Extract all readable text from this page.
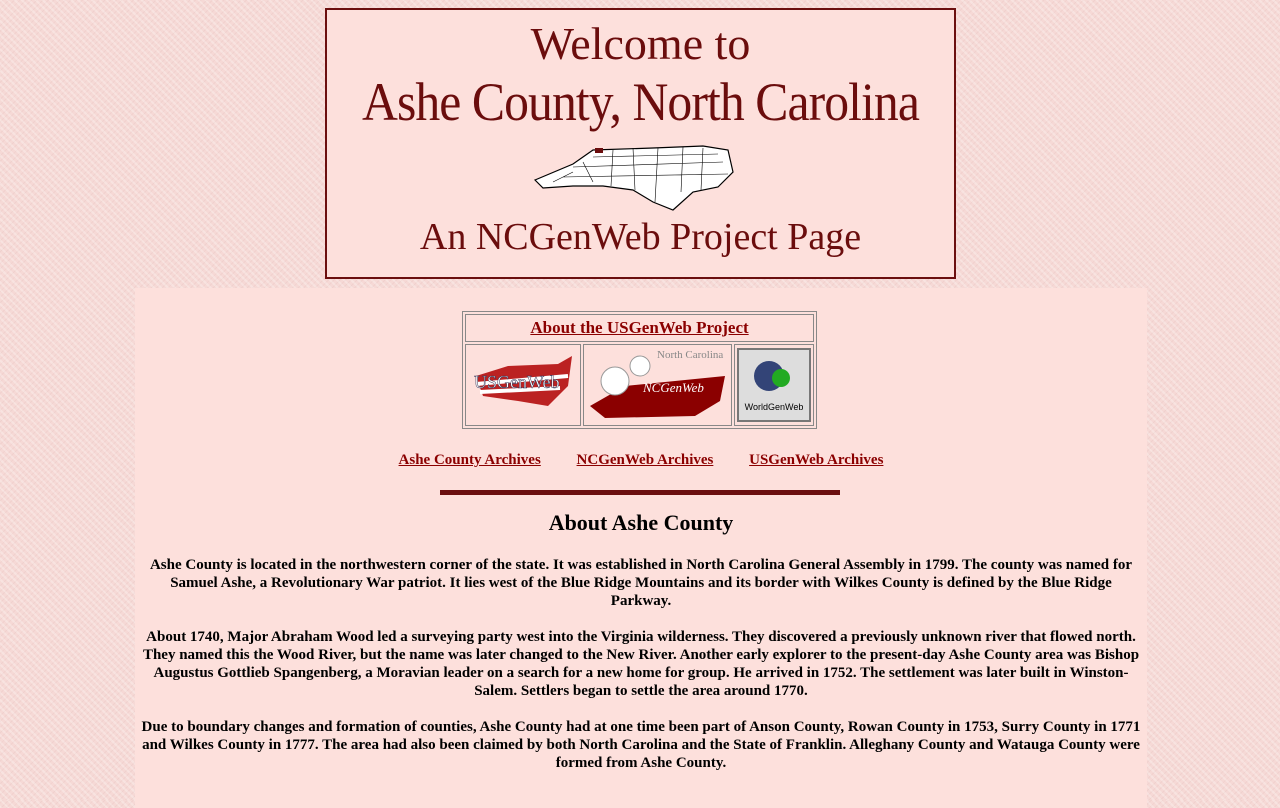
Welcome to
Ashe County, North Carolina
An NCGenWeb Project Page
About the USGenWeb Project

USGenWeb

North Carolina
NCGenWeb

WorldGenWeb
Ashe County Archives NCGenWeb Archives USGenWeb Archives
About Ashe County

Ashe County is located in the northwestern corner of the state. It was established in North Carolina General Assembly in 1799. The county was named for Samuel Ashe, a Revolutionary War patriot. It lies west of the Blue Ridge Mountains and its border with Wilkes County is defined by the Blue Ridge Parkway.

About 1740, Major Abraham Wood led a surveying party west into the Virginia wilderness. They discovered a previously unknown river that flowed north. They named this the Wood River, but the name was later changed to the New River. Another early explorer to the present-day Ashe County area was Bishop Augustus Gottlieb Spangenberg, a Moravian leader on a search for a new home for group. He arrived in 1752. The settlement was later built in Winston-Salem. Settlers began to settle the area around 1770.

Due to boundary changes and formation of counties, Ashe County had at one time been part of Anson County, Rowan County in 1753, Surry County in 1771 and Wilkes County in 1777. The area had also been claimed by both North Carolina and the State of Franklin. Alleghany County and Watauga County were formed from Ashe County.
